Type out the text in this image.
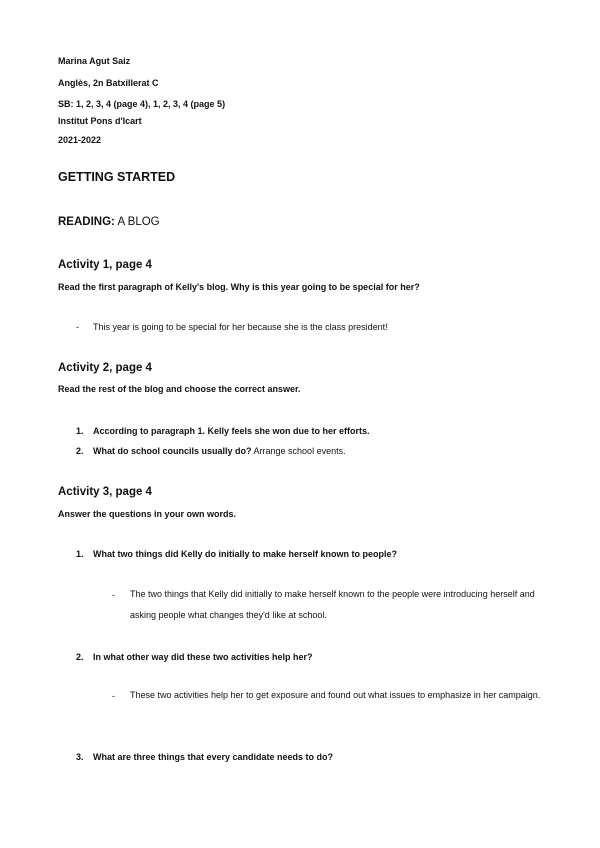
Marina Agut Saiz
Anglès, 2n Batxillerat C
SB: 1, 2, 3, 4 (page 4), 1, 2, 3, 4 (page 5)
Institut Pons d'Icart
2021-2022
GETTING STARTED
READING: A BLOG
Activity 1, page 4
Read the first paragraph of Kelly's blog. Why is this year going to be special for her?
- This year is going to be special for her because she is the class president!
Activity 2, page 4
Read the rest of the blog and choose the correct answer.
1. According to paragraph 1. Kelly feels she won due to her efforts.
2. What do school councils usually do? Arrange school events.
Activity 3, page 4
Answer the questions in your own words.
1. What two things did Kelly do initially to make herself known to people?
- The two things that Kelly did initially to make herself known to the people were introducing herself and asking people what changes they'd like at school.
2. In what other way did these two activities help her?
- These two activities help her to get exposure and found out what issues to emphasize in her campaign.
3. What are three things that every candidate needs to do?
